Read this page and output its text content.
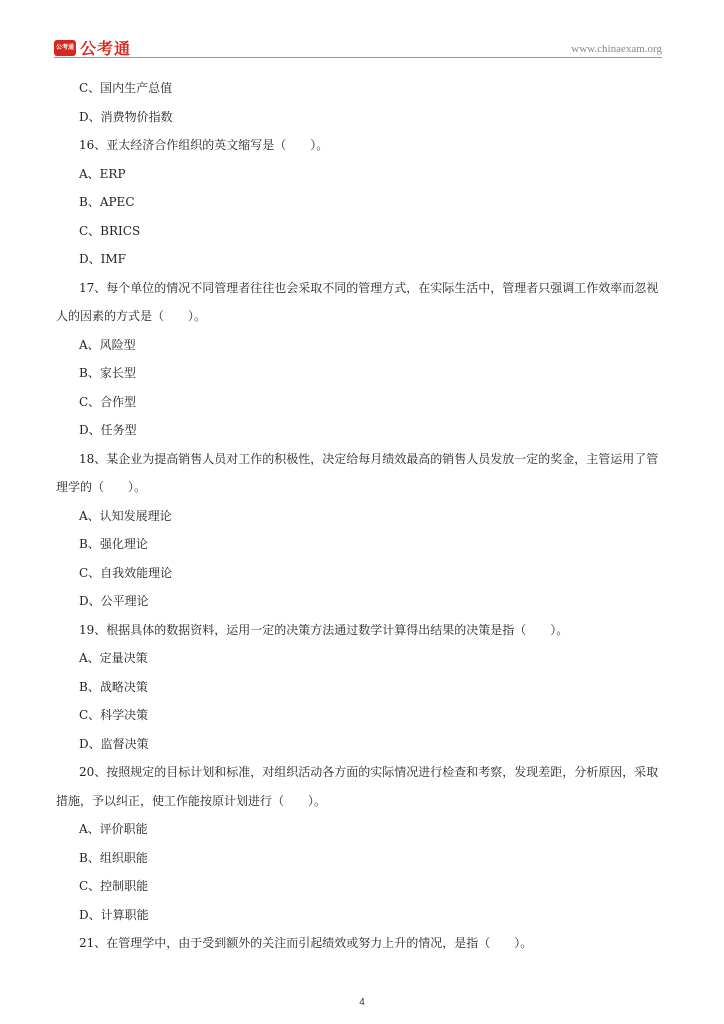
公考通 公考通	www.chinaexam.org
C、国内生产总值
D、消费物价指数
16、亚太经济合作组织的英文缩写是（　　）。
A、ERP
B、APEC
C、BRICS
D、IMF
17、每个单位的情况不同管理者往往也会采取不同的管理方式，在实际生活中，管理者只强调工作效率而忽视
人的因素的方式是（　　）。
A、风险型
B、家长型
C、合作型
D、任务型
18、某企业为提高销售人员对工作的积极性，决定给每月绩效最高的销售人员发放一定的奖金，主管运用了管
理学的（　　）。
A、认知发展理论
B、强化理论
C、自我效能理论
D、公平理论
19、根据具体的数据资料，运用一定的决策方法通过数学计算得出结果的决策是指（　　）。
A、定量决策
B、战略决策
C、科学决策
D、监督决策
20、按照规定的目标计划和标准，对组织活动各方面的实际情况进行检查和考察，发现差距，分析原因，采取
措施，予以纠正，使工作能按原计划进行（　　）。
A、评价职能
B、组织职能
C、控制职能
D、计算职能
21、在管理学中，由于受到额外的关注而引起绩效或努力上升的情况，是指（　　）。
4
